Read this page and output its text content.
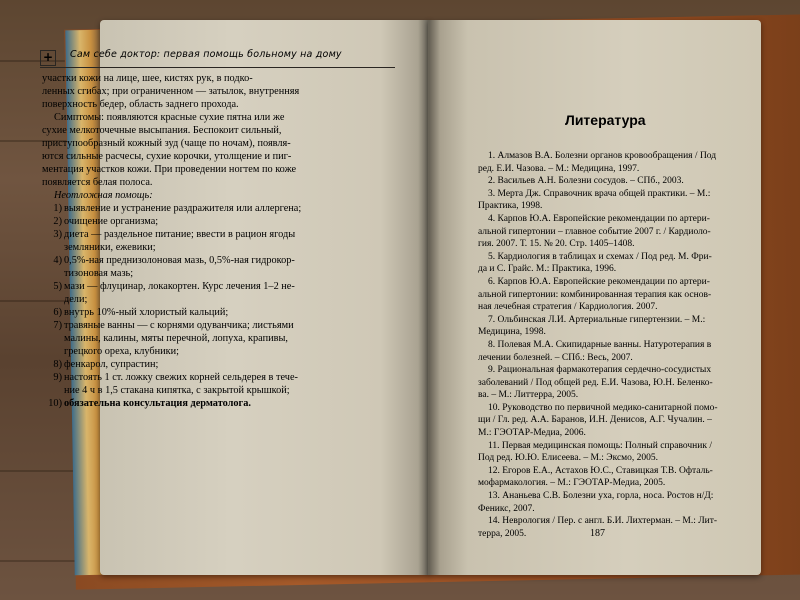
+	Сам себе доктор: первая помощь больному на дому

участки кожи на лице, шее, кистях рук, в подко-

ленных сгибах; при ограниченном — затылок, внутренняя

поверхность бедер, область заднего прохода.

Симптомы: появляются красные сухие пятна или же

сухие мелкоточечные высыпания. Беспокоит сильный,

приступообразный кожный зуд (чаще по ночам), появля-

ются сильные расчесы, сухие корочки, утолщение и пиг-

ментация участков кожи. При проведении ногтем по коже

появляется белая полоса.

Неотложная помощь:

1) выявление и устранение раздражителя или аллергена;

2) очищение организма;

3) диета — раздельное питание; ввести в рацион ягоды

земляники, ежевики;

4) 0,5%-ная преднизолоновая мазь, 0,5%-ная гидрокор-

тизоновая мазь;

5) мази — флуцинар, локакортен. Курс лечения 1–2 не-

дели;

6) внутрь 10%-ный хлористый кальций;

7) травяные ванны — с корнями одуванчика; листьями

малины, калины, мяты перечной, лопуха, крапивы,

грецкого ореха, клубники;

8) фенкарол, супрастин;

9) настоять 1 ст. ложку свежих корней сельдерея в тече-

ние 4 ч в 1,5 стакана кипятка, с закрытой крышкой;

10) обязательна консультация дерматолога.

Литература

1. Алмазов В.А. Болезни органов кровообращения / Под

ред. Е.И. Чазова. – М.: Медицина, 1997.

2. Васильев А.Н. Болезни сосудов. – СПб., 2003.

3. Мерта Дж. Справочник врача общей практики. – М.:

Практика, 1998.

4. Карпов Ю.А. Европейские рекомендации по артери-

альной гипертонии – главное событие 2007 г. / Кардиоло-

гия. 2007. Т. 15. № 20. Стр. 1405–1408.

5. Кардиология в таблицах и схемах / Под ред. М. Фри-

да и С. Грайс. М.: Практика, 1996.

6. Карпов Ю.А. Европейские рекомендации по артери-

альной гипертонии: комбинированная терапия как основ-

ная лечебная стратегия / Кардиология. 2007.

7. Ольбинская Л.И. Артериальные гипертензии. – М.:

Медицина, 1998.

8. Полевая М.А. Скипидарные ванны. Натуротерапия в

лечении болезней. – СПб.: Весь, 2007.

9. Рациональная фармакотерапия сердечно-сосудистых

заболеваний / Под общей ред. Е.И. Чазова, Ю.Н. Беленко-

ва. – М.: Литтерра, 2005.

10. Руководство по первичной медико-санитарной помо-

щи / Гл. ред. А.А. Баранов, И.Н. Денисов, А.Г. Чучалин. –

М.: ГЭОТАР-Медиа, 2006.

11. Первая медицинская помощь: Полный справочник /

Под ред. Ю.Ю. Елисеева. – М.: Эксмо, 2005.

12. Егоров Е.А., Астахов Ю.С., Ставицкая Т.В. Офталь-

мофармакология. – М.: ГЭОТАР-Медиа, 2005.

13. Ананьева С.В. Болезни уха, горла, носа. Ростов н/Д:

Феникс, 2007.

14. Неврология / Пер. с англ. Б.И. Лихтерман. – М.: Лит-

терра, 2005.	187
